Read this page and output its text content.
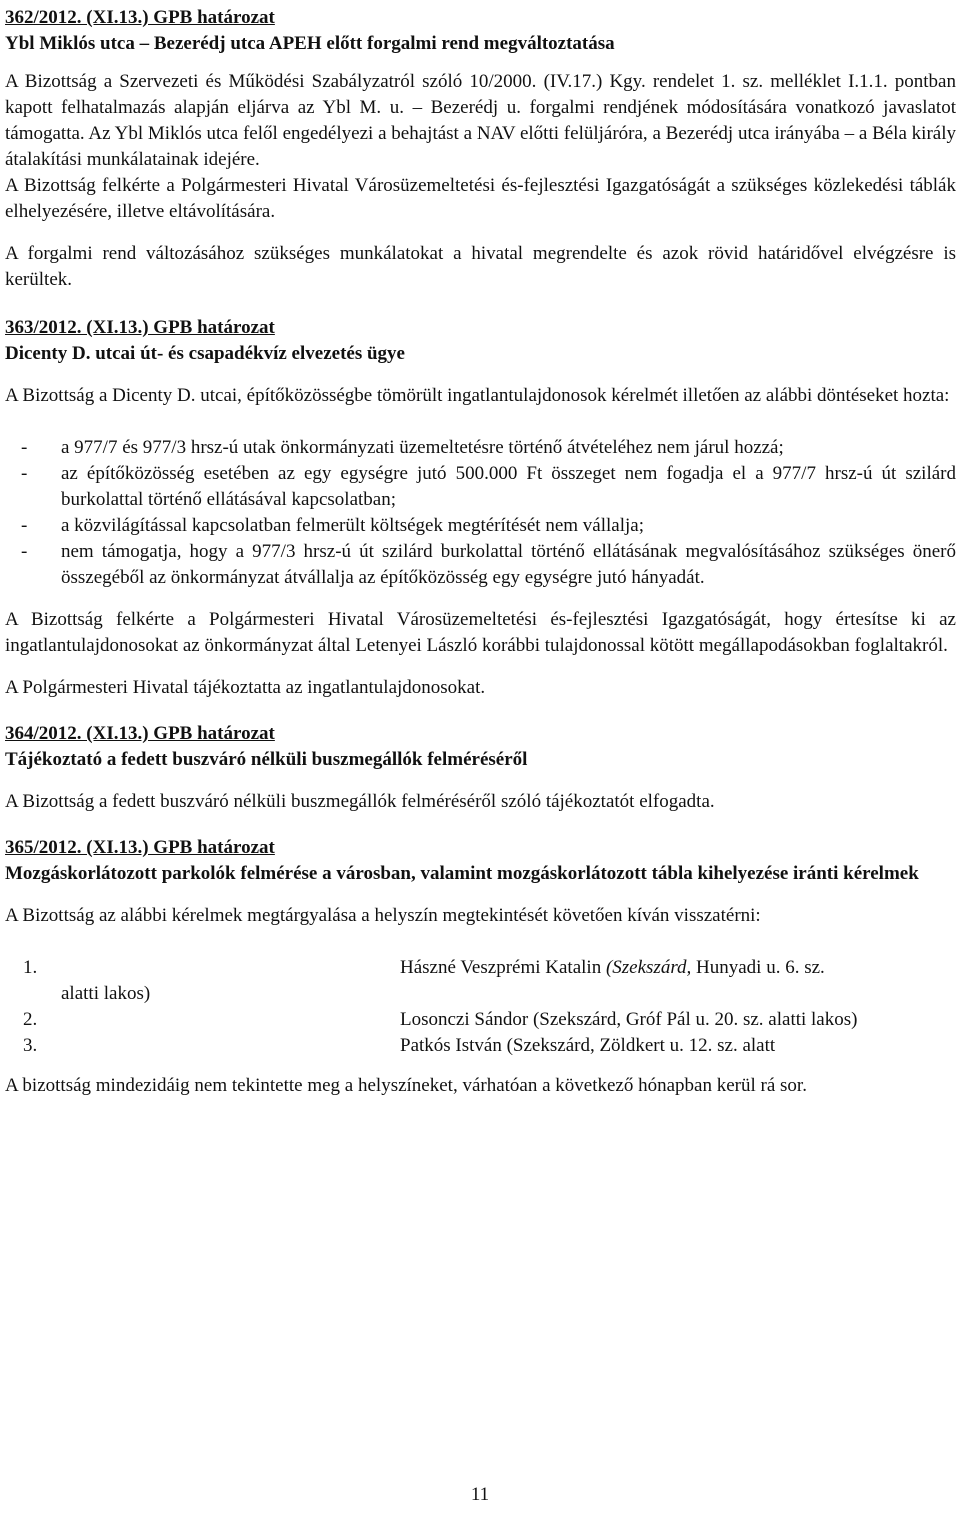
362/2012. (XI.13.) GPB határozat
Ybl Miklós utca – Bezerédj utca APEH előtt forgalmi rend megváltoztatása
A Bizottság a Szervezeti és Működési Szabályzatról szóló 10/2000. (IV.17.) Kgy. rendelet 1. sz. melléklet I.1.1. pontban kapott felhatalmazás alapján eljárva az Ybl M. u. – Bezerédj u. forgalmi rendjének módosítására vonatkozó javaslatot támogatta. Az Ybl Miklós utca felől engedélyezi a behajtást a NAV előtti felüljáróra, a Bezerédj utca irányába – a Béla király átalakítási munkálatainak idejére.
A Bizottság felkérte a Polgármesteri Hivatal Városüzemeltetési és-fejlesztési Igazgatóságát a szükséges közlekedési táblák elhelyezésére, illetve eltávolítására.
A forgalmi rend változásához szükséges munkálatokat a hivatal megrendelte és azok rövid határidővel elvégzésre is kerültek.
363/2012. (XI.13.) GPB határozat
Dicenty D. utcai út- és csapadékvíz elvezetés ügye
A Bizottság a Dicenty D. utcai, építőközösségbe tömörült ingatlantulajdonosok kérelmét illetően az alábbi döntéseket hozta:
- a 977/7 és 977/3 hrsz-ú utak önkormányzati üzemeltetésre történő átvételéhez nem járul hozzá;
- az építőközösség esetében az egy egységre jutó 500.000 Ft összeget nem fogadja el a 977/7 hrsz-ú út szilárd burkolattal történő ellátásával kapcsolatban;
- a közvilágítással kapcsolatban felmerült költségek megtérítését nem vállalja;
- nem támogatja, hogy a 977/3 hrsz-ú út szilárd burkolattal történő ellátásának megvalósításához szükséges önerő összegéből az önkormányzat átvállalja az építőközösség egy egységre jutó hányadát.
A Bizottság felkérte a Polgármesteri Hivatal Városüzemeltetési és-fejlesztési Igazgatóságát, hogy értesítse ki az ingatlantulajdonosokat az önkormányzat által Letenyei László korábbi tulajdonossal kötött megállapodásokban foglaltakról.
A Polgármesteri Hivatal tájékoztatta az ingatlantulajdonosokat.
364/2012. (XI.13.) GPB határozat
Tájékoztató a fedett buszváró nélküli buszmegállók felméréséről
A Bizottság a fedett buszváró nélküli buszmegállók felméréséről szóló tájékoztatót elfogadta.
365/2012. (XI.13.) GPB határozat
Mozgáskorlátozott parkolók felmérése a városban, valamint mozgáskorlátozott tábla kihelyezése iránti kérelmek
A Bizottság az alábbi kérelmek megtárgyalása a helyszín megtekintését követően kíván visszatérni:
1.	Hászné Veszprémi Katalin (Szekszárd, Hunyadi u. 6. sz.
alatti lakos)
2.	Losonczi Sándor (Szekszárd, Gróf Pál u. 20. sz. alatti lakos)
3.	Patkós István (Szekszárd, Zöldkert u. 12. sz. alatt
A bizottság mindezidáig nem tekintette meg a helyszíneket, várhatóan a következő hónapban kerül rá sor.
11
